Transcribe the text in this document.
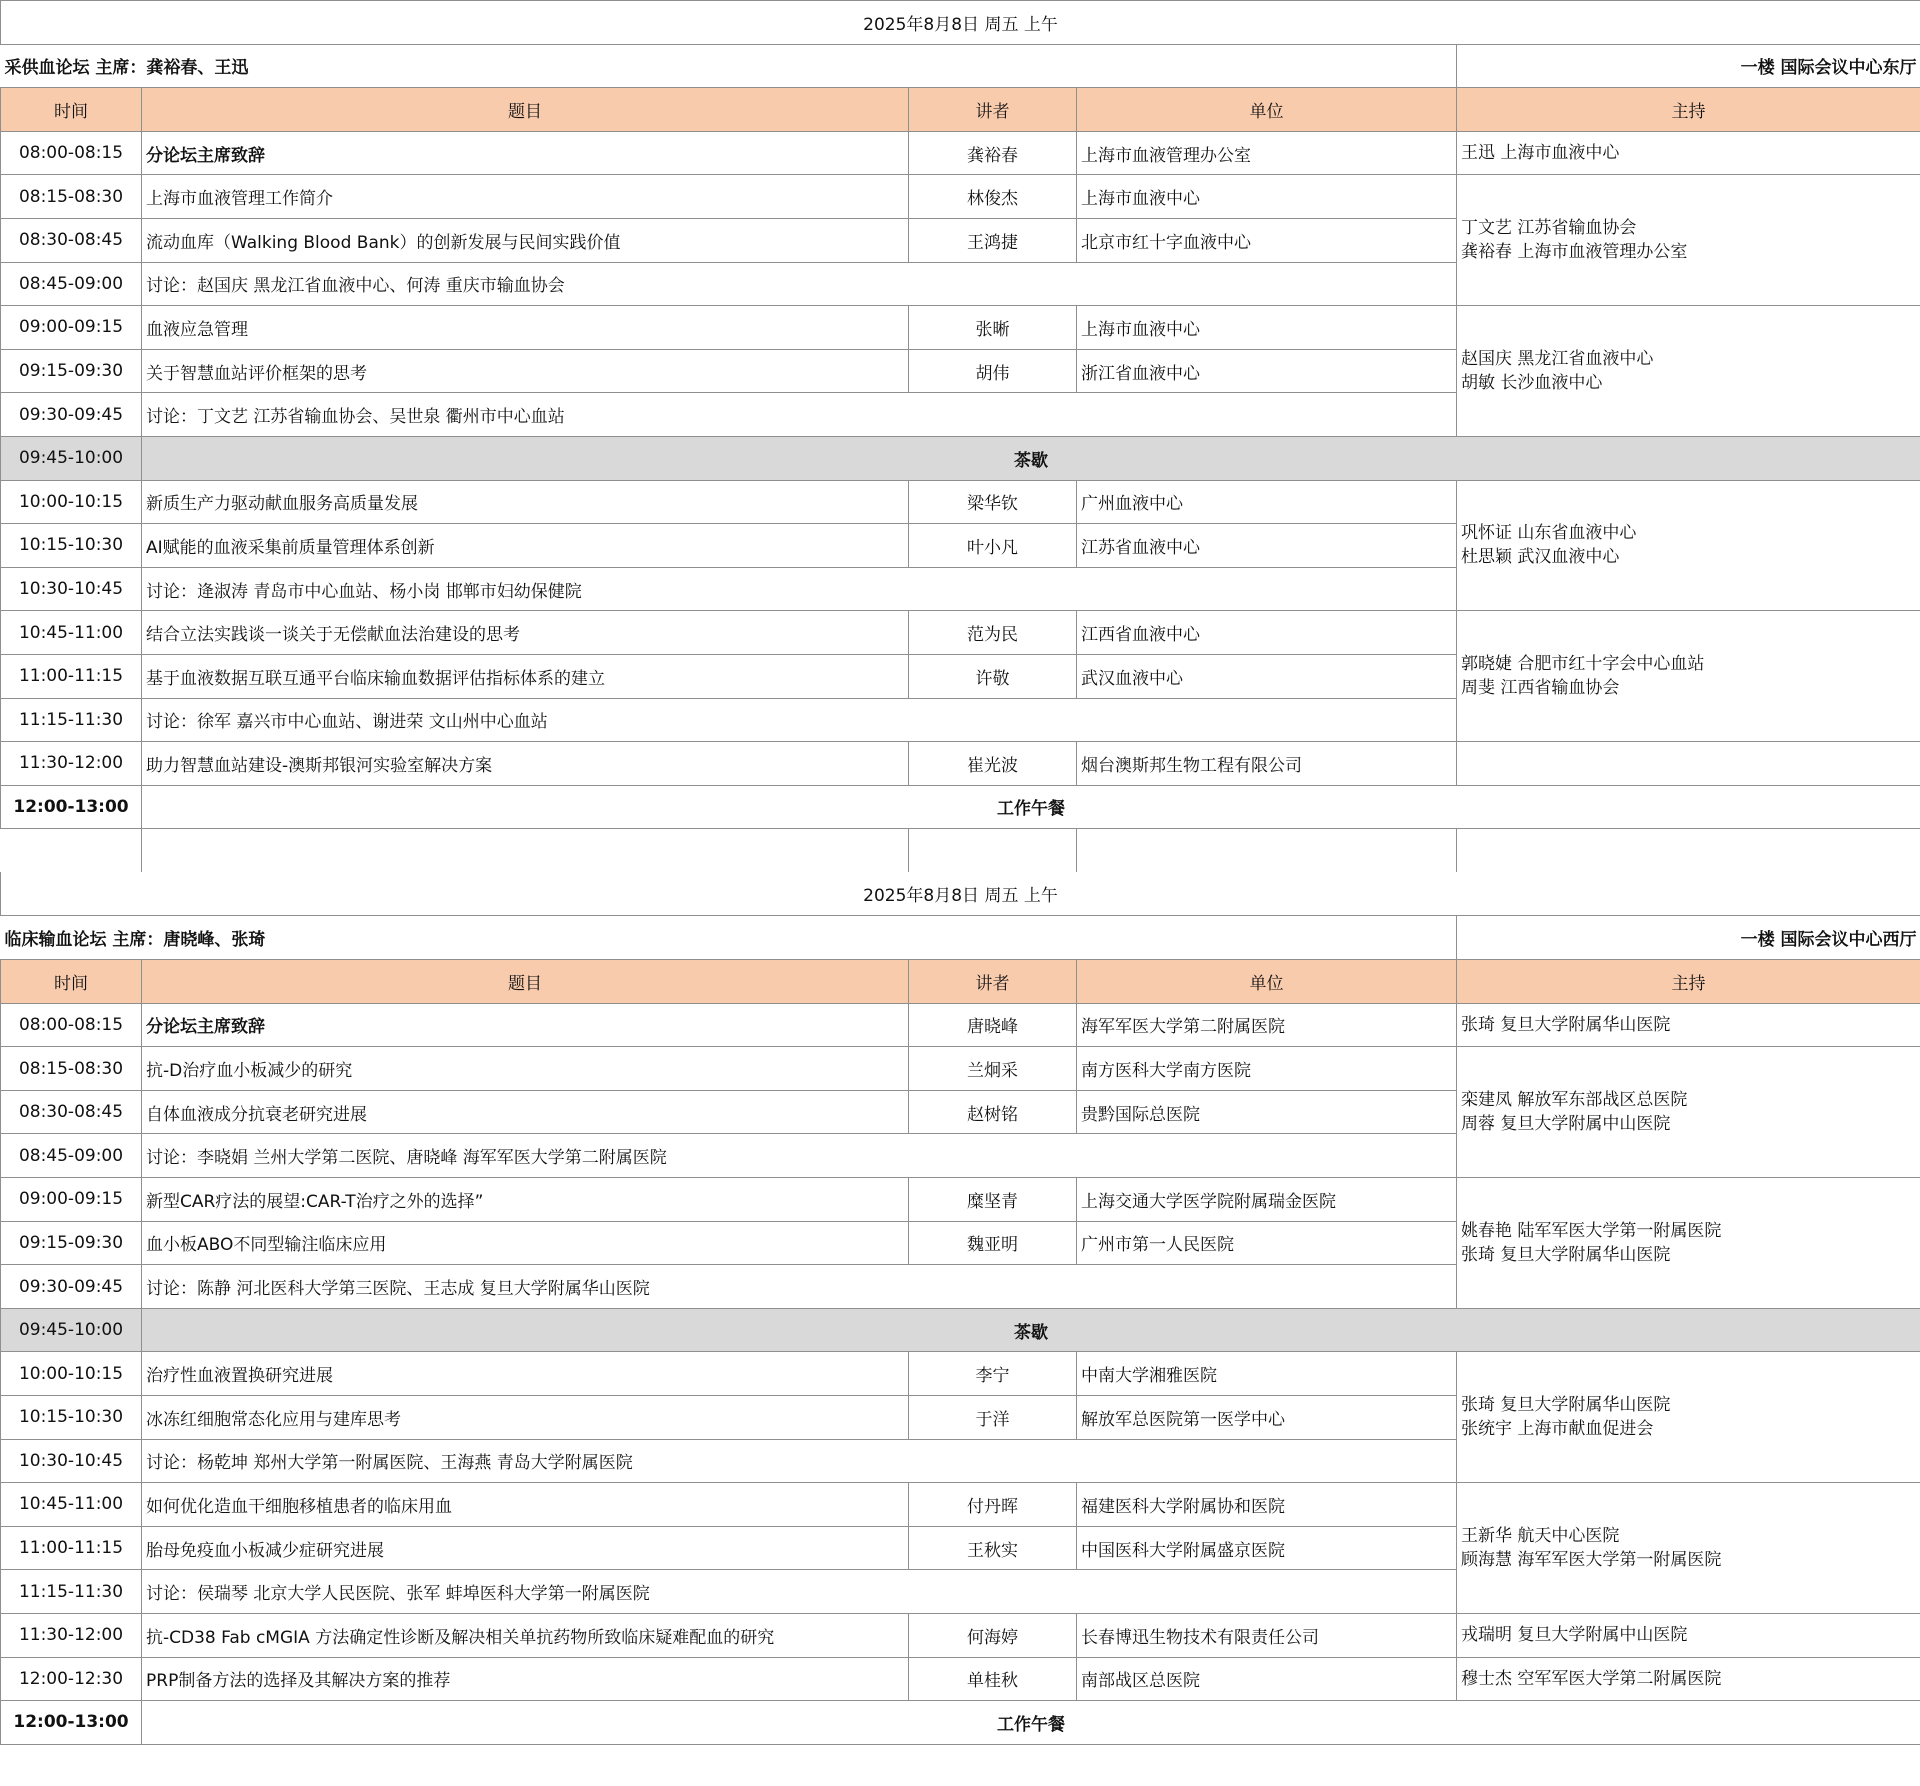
2025年8月8日 周五 上午				
采供血论坛 主席：龚裕春、王迅				一楼 国际会议中心东厅
时间	题目	讲者	单位	主持
08:00-08:15	分论坛主席致辞	龚裕春	上海市血液管理办公室	王迅 上海市血液中心

08:15-08:30	上海市血液管理工作简介	林俊杰	上海市血液中心	丁文艺 江苏省输血协会
龚裕春 上海市血液管理办公室

08:30-08:45	流动血库（Walking Blood Bank）的创新发展与民间实践价值	王鸿捷	北京市红十字血液中心	
08:45-09:00	讨论：赵国庆 黑龙江省血液中心、何涛 重庆市输血协会			
09:00-09:15	血液应急管理	张晰	上海市血液中心	赵国庆 黑龙江省血液中心
胡敏 长沙血液中心

09:15-09:30	关于智慧血站评价框架的思考	胡伟	浙江省血液中心	
09:30-09:45	讨论：丁文艺 江苏省输血协会、吴世泉 衢州市中心血站			
09:45-10:00	茶歇			
10:00-10:15	新质生产力驱动献血服务高质量发展	梁华钦	广州血液中心	巩怀证 山东省血液中心
杜思颖 武汉血液中心

10:15-10:30	AI赋能的血液采集前质量管理体系创新	叶小凡	江苏省血液中心	
10:30-10:45	讨论：逄淑涛 青岛市中心血站、杨小岗 邯郸市妇幼保健院			
10:45-11:00	结合立法实践谈一谈关于无偿献血法治建设的思考	范为民	江西省血液中心	郭晓婕 合肥市红十字会中心血站
周斐 江西省输血协会

11:00-11:15	基于血液数据互联互通平台临床输血数据评估指标体系的建立	许敬	武汉血液中心	
11:15-11:30	讨论：徐军 嘉兴市中心血站、谢进荣 文山州中心血站			
11:30-12:00	助力智慧血站建设-澳斯邦银河实验室解决方案	崔光波	烟台澳斯邦生物工程有限公司	
12:00-13:00	工作午餐			

2025年8月8日 周五 上午				
临床输血论坛 主席：唐晓峰、张琦				一楼 国际会议中心西厅
时间	题目	讲者	单位	主持
08:00-08:15	分论坛主席致辞	唐晓峰	海军军医大学第二附属医院	张琦 复旦大学附属华山医院

08:15-08:30	抗-D治疗血小板减少的研究	兰炯采	南方医科大学南方医院	栾建凤 解放军东部战区总医院
周蓉 复旦大学附属中山医院

08:30-08:45	自体血液成分抗衰老研究进展	赵树铭	贵黔国际总医院	
08:45-09:00	讨论：李晓娟 兰州大学第二医院、唐晓峰 海军军医大学第二附属医院			
09:00-09:15	新型CAR疗法的展望:CAR-T治疗之外的选择”	糜坚青	上海交通大学医学院附属瑞金医院	姚春艳 陆军军医大学第一附属医院
张琦 复旦大学附属华山医院

09:15-09:30	血小板ABO不同型输注临床应用	魏亚明	广州市第一人民医院	
09:30-09:45	讨论：陈静 河北医科大学第三医院、王志成 复旦大学附属华山医院			
09:45-10:00	茶歇			
10:00-10:15	治疗性血液置换研究进展	李宁	中南大学湘雅医院	张琦 复旦大学附属华山医院
张统宇 上海市献血促进会

10:15-10:30	冰冻红细胞常态化应用与建库思考	于洋	解放军总医院第一医学中心	
10:30-10:45	讨论：杨乾坤 郑州大学第一附属医院、王海燕 青岛大学附属医院			
10:45-11:00	如何优化造血干细胞移植患者的临床用血	付丹晖	福建医科大学附属协和医院	王新华 航天中心医院
顾海慧 海军军医大学第一附属医院

11:00-11:15	胎母免疫血小板减少症研究进展	王秋实	中国医科大学附属盛京医院	
11:15-11:30	讨论：侯瑞琴 北京大学人民医院、张军 蚌埠医科大学第一附属医院			
11:30-12:00	抗-CD38 Fab cMGIA 方法确定性诊断及解决相关单抗药物所致临床疑难配血的研究	何海婷	长春博迅生物技术有限责任公司	戎瑞明 复旦大学附属中山医院

12:00-12:30	PRP制备方法的选择及其解决方案的推荐	单桂秋	南部战区总医院	穆士杰 空军军医大学第二附属医院

12:00-13:00	工作午餐			
